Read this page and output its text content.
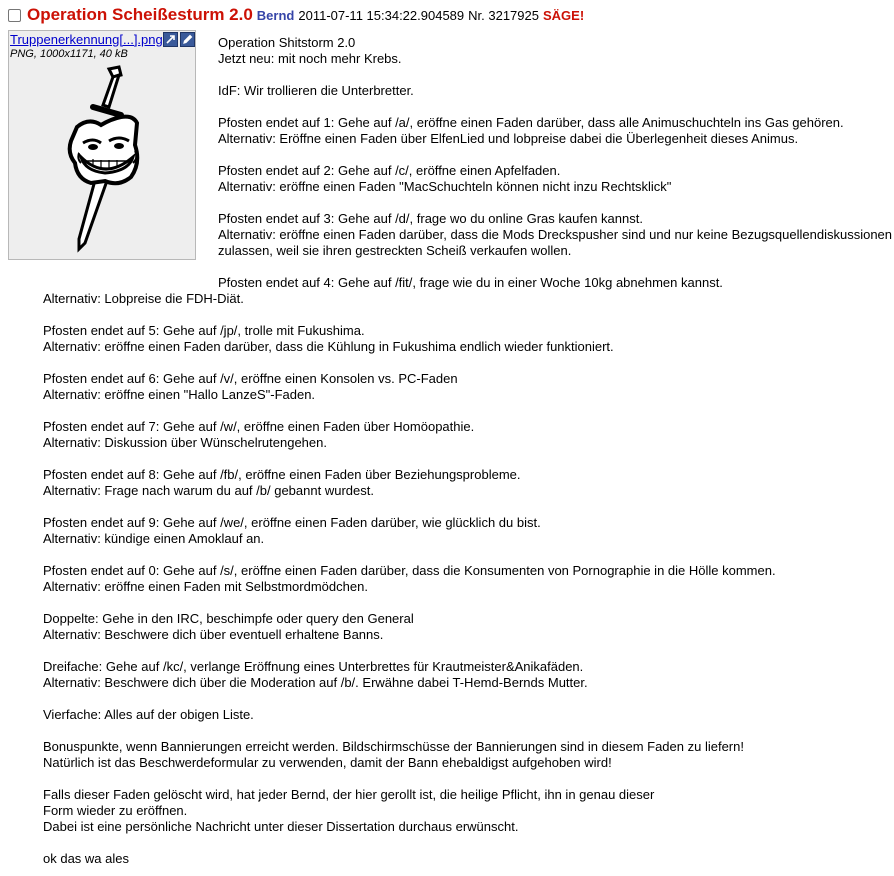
Operation Scheißesturm 2.0 Bernd 2011-07-11 15:34:22.904589 Nr. 3217925 SÄGE!
Truppenerkennung[...].png
PNG, 1000x1171, 40 kB
Operation Shitstorm 2.0
Jetzt neu: mit noch mehr Krebs.
IdF: Wir trollieren die Unterbretter.
Pfosten endet auf 1: Gehe auf /a/, eröffne einen Faden darüber, dass alle Animuschuchteln ins Gas gehören.
Alternativ: Eröffne einen Faden über ElfenLied und lobpreise dabei die Überlegenheit dieses Animus.
Pfosten endet auf 2: Gehe auf /c/, eröffne einen Apfelfaden.
Alternativ: eröffne einen Faden "MacSchuchteln können nicht inzu Rechtsklick"
Pfosten endet auf 3: Gehe auf /d/, frage wo du online Gras kaufen kannst.
Alternativ: eröffne einen Faden darüber, dass die Mods Dreckspusher sind und nur keine Bezugsquellendiskussionen
zulassen, weil sie ihren gestreckten Scheiß verkaufen wollen.
Pfosten endet auf 4: Gehe auf /fit/, frage wie du in einer Woche 10kg abnehmen kannst.
Alternativ: Lobpreise die FDH-Diät.
Pfosten endet auf 5: Gehe auf /jp/, trolle mit Fukushima.
Alternativ: eröffne einen Faden darüber, dass die Kühlung in Fukushima endlich wieder funktioniert.
Pfosten endet auf 6: Gehe auf /v/, eröffne einen Konsolen vs. PC-Faden
Alternativ: eröffne einen "Hallo LanzeS"-Faden.
Pfosten endet auf 7: Gehe auf /w/, eröffne einen Faden über Homöopathie.
Alternativ: Diskussion über Wünschelrutengehen.
Pfosten endet auf 8: Gehe auf /fb/, eröffne einen Faden über Beziehungsprobleme.
Alternativ: Frage nach warum du auf /b/ gebannt wurdest.
Pfosten endet auf 9: Gehe auf /we/, eröffne einen Faden darüber, wie glücklich du bist.
Alternativ: kündige einen Amoklauf an.
Pfosten endet auf 0: Gehe auf /s/, eröffne einen Faden darüber, dass die Konsumenten von Pornographie in die Hölle kommen.
Alternativ: eröffne einen Faden mit Selbstmordmödchen.
Doppelte: Gehe in den IRC, beschimpfe oder query den General
Alternativ: Beschwere dich über eventuell erhaltene Banns.
Dreifache: Gehe auf /kc/, verlange Eröffnung eines Unterbrettes für Krautmeister&Anikafäden.
Alternativ: Beschwere dich über die Moderation auf /b/. Erwähne dabei T-Hemd-Bernds Mutter.
Vierfache: Alles auf der obigen Liste.
Bonuspunkte, wenn Bannierungen erreicht werden. Bildschirmschüsse der Bannierungen sind in diesem Faden zu liefern!
Natürlich ist das Beschwerdeformular zu verwenden, damit der Bann ehebaldigst aufgehoben wird!
Falls dieser Faden gelöscht wird, hat jeder Bernd, der hier gerollt ist, die heilige Pflicht, ihn in genau dieser
Form wieder zu eröffnen.
Dabei ist eine persönliche Nachricht unter dieser Dissertation durchaus erwünscht.
ok das wa ales
